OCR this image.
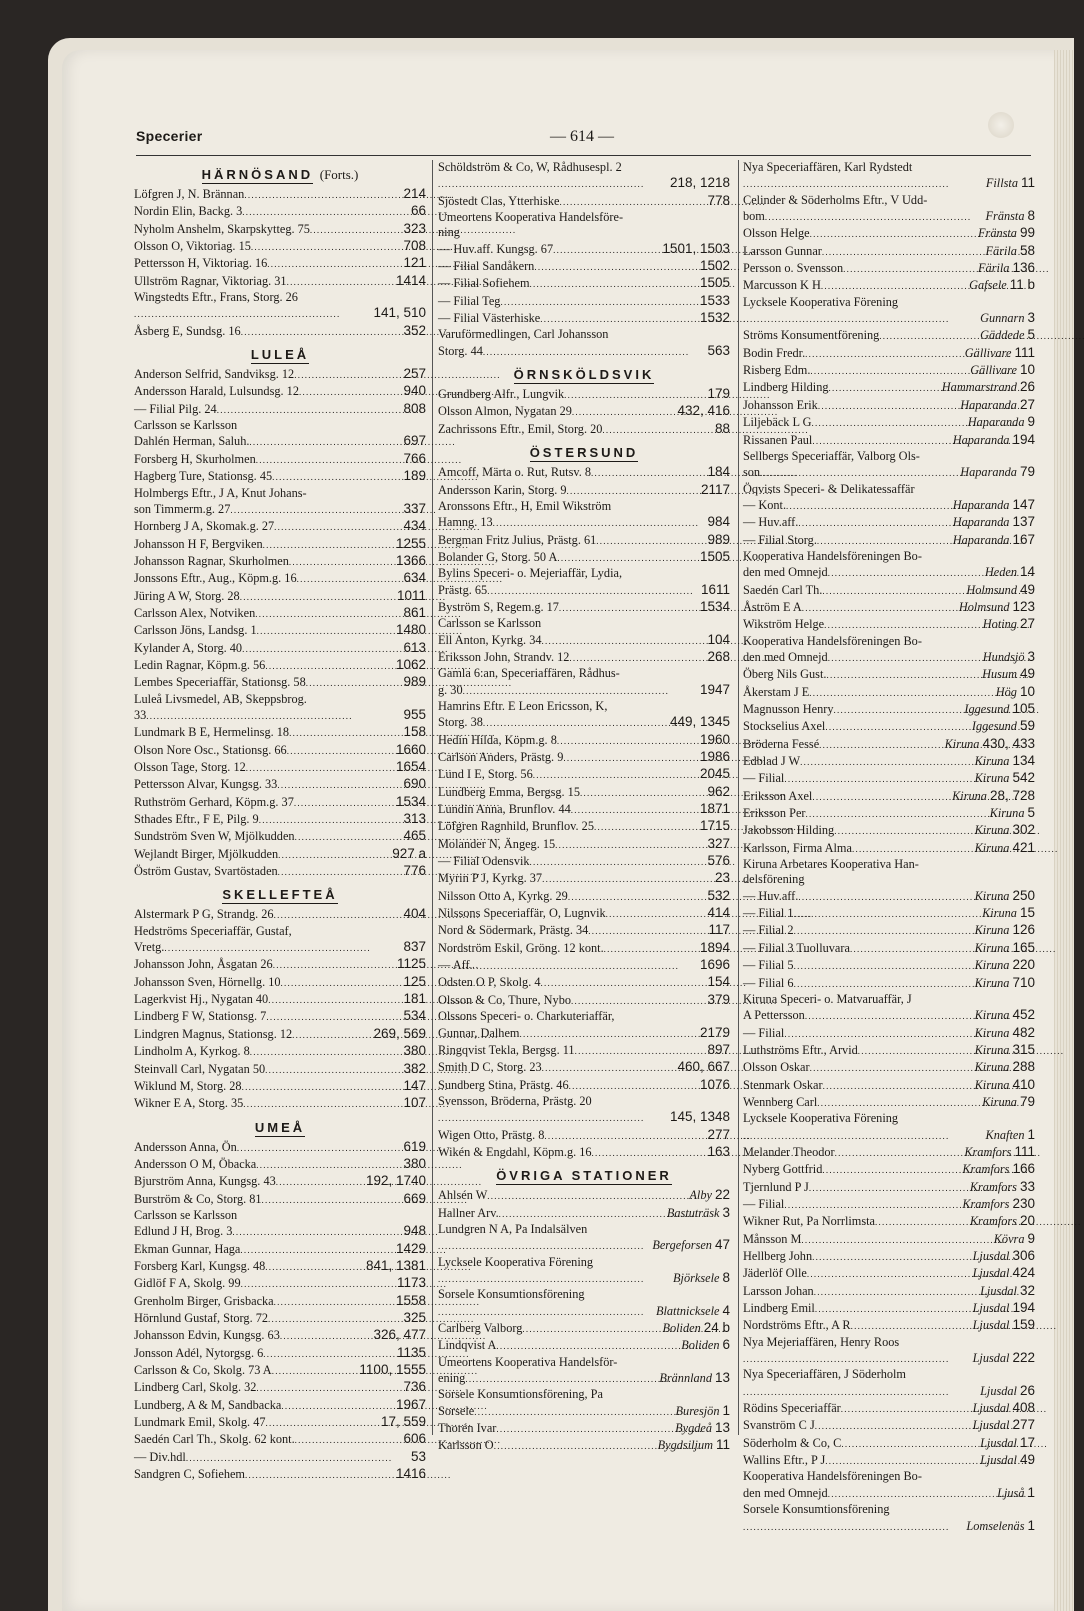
Specerier	— 614 —
HÄRNÖSAND (Forts.)
Löfgren J, N. Brännan . . .	214
Nordin Elin, Backg. 3 . . .	66
Nyholm Anshelm, Skarpskytteg. 75 . . .	323
Olsson O, Viktoriag. 15 . . .	708
Pettersson H, Viktoriag. 16 . . .	121
Ullström Ragnar, Viktoriag. 31 . . .	1414
Wingstedts Eftr., Frans, Storg. 26
. . .
141, 510
Åsberg E, Sundsg. 16 . . .	352
LULEÅ
Anderson Selfrid, Sandviksg. 12 . . .	257
Andersson Harald, Lulsundsg. 12 . . .	940
— Filial Pilg. 24 . . .	808
Carlsson se Karlsson
Dahlén Herman, Saluh. . . .	697
Forsberg H, Skurholmen . . .	766
Hagberg Ture, Stationsg. 45 . . .	189
Holmbergs Eftr., J A, Knut Johans-
son Timmerm.g. 27 . . .	337
Hornberg J A, Skomak.g. 27 . . .	434
Johansson H F, Bergviken . . .	1255
Johansson Ragnar, Skurholmen . . .	1366
Jonssons Eftr., Aug., Köpm.g. 16 . . .	634
Jüring A W, Storg. 28 . . .	1011
Carlsson Alex, Notviken . . .	861
Carlsson Jöns, Landsg. 1 . . .	1480
Kylander A, Storg. 40 . . .	613
Ledin Ragnar, Köpm.g. 56 . . .	1062
Lembes Speceriaffär, Stationsg. 58 . . .	989
Luleå Livsmedel, AB, Skeppsbrog.
33 . . .	955
Lundmark B E, Hermelinsg. 18 . . .	158
Olson Nore Osc., Stationsg. 66 . . .	1660
Olsson Tage, Storg. 12 . . .	1654
Pettersson Alvar, Kungsg. 33 . . .	690
Ruthström Gerhard, Köpm.g. 37 . . .	1534
Sthades Eftr., F E, Pilg. 9 . . .	313
Sundström Sven W, Mjölkudden . . .	465
Wejlandt Birger, Mjölkudden . . .	927 a
Öström Gustav, Svartöstaden . . .	776
SKELLEFTEÅ
Alstermark P G, Strandg. 26 . . .	404
Hedströms Speceriaffär, Gustaf,
Vretg. . . .	837
Johansson John, Åsgatan 26 . . .	1125
Johansson Sven, Hörnellg. 10 . . .	125
Lagerkvist Hj., Nygatan 40 . . .	181
Lindberg F W, Stationsg. 7 . . .	534
Lindgren Magnus, Stationsg. 12 . . .	269, 569
Lindholm A, Kyrkog. 8 . . .	380
Steinvall Carl, Nygatan 50 . . .	382
Wiklund M, Storg. 28 . . .	147
Wikner E A, Storg. 35 . . .	107
UMEÅ
Andersson Anna, Ön . . .	619
Andersson O M, Öbacka . . .	380
Bjurström Anna, Kungsg. 43 . . .	192, 1740
Burström & Co, Storg. 81 . . .	669
Carlsson se Karlsson
Edlund J H, Brog. 3 . . .	948
Ekman Gunnar, Haga . . .	1429
Forsberg Karl, Kungsg. 48 . . .	841, 1381
Gidlöf F A, Skolg. 99 . . .	1173
Grenholm Birger, Grisbacka . . .	1558
Hörnlund Gustaf, Storg. 72 . . .	325
Johansson Edvin, Kungsg. 63 . . .	326, 477
Jonsson Adél, Nytorgsg. 6 . . .	1135
Carlsson & Co, Skolg. 73 A . . .	1100, 1555
Lindberg Carl, Skolg. 32 . . .	736
Lundberg, A & M, Sandbacka . . .	1967
Lundmark Emil, Skolg. 47 . . .	17, 559
Saedén Carl Th., Skolg. 62 kont. . . .	606
— Div.hdl . . .	53
Sandgren C, Sofiehem . . .	1416
Schöldström & Co, W, Rådhusespl. 2
. . .
218, 1218
Sjöstedt Clas, Ytterhiske . . .	778
Umeortens Kooperativa Handelsföre-
ning
— Huv.aff. Kungsg. 67 . . .	1501, 1503
— Filial Sandåkern . . .	1502
— Filial Sofiehem . . .	1505
— Filial Teg . . .	1533
— Filial Västerhiske . . .	1532
Varuförmedlingen, Carl Johansson
Storg. 44 . . .	563
ÖRNSKÖLDSVIK
Grundberg Alfr., Lungvik . . .	179
Olsson Almon, Nygatan 29 . . .	432, 416
Zachrissons Eftr., Emil, Storg. 20 . . .	88
ÖSTERSUND
Amcoff, Märta o. Rut, Rutsv. 8 . . .	184
Andersson Karin, Storg. 9 . . .	2117
Aronssons Eftr., H, Emil Wikström
Hamng. 13 . . .	984
Bergman Fritz Julius, Prästg. 61 . . .	989
Bolander G, Storg. 50 A . . .	1505
Bylins Speceri- o. Mejeriaffär, Lydia,
Prästg. 65 . . .	1611
Byström S, Regem.g. 17 . . .	1534
Carlsson se Karlsson
Ell Anton, Kyrkg. 34 . . .	104
Eriksson John, Strandv. 12 . . .	268
Gamla 6:an, Speceriaffären, Rådhus-
g. 30 . . .	1947
Hamrins Eftr. E Leon Ericsson, K,
Storg. 38 . . .	449, 1345
Hedin Hilda, Köpm.g. 8 . . .	1960
Carlson Anders, Prästg. 9 . . .	1986
Lund I E, Storg. 56 . . .	2045
Lundberg Emma, Bergsg. 15 . . .	962
Lundin Anna, Brunflov. 44 . . .	1871
Löfgren Ragnhild, Brunflov. 25 . . .	1715
Molander N, Ängeg. 15 . . .	327
— Filial Odensvik . . .	576
Myrin P J, Kyrkg. 37 . . .	23
Nilsson Otto A, Kyrkg. 29 . . .	532
Nilssons Speceriaffär, O, Lugnvik . . .	414
Nord & Södermark, Prästg. 34 . . .	117
Nordström Eskil, Gröng. 12 kont. . . .	1894
— Aff. . . .	1696
Odsten O P, Skolg. 4 . . .	154
Olsson & Co, Thure, Nybo . . .	379
Olssons Speceri- o. Charkuteriaffär,
Gunnar, Dalhem . . .	2179
Ringqvist Tekla, Bergsg. 11 . . .	897
Smith D C, Storg. 23 . . .	460, 667
Sundberg Stina, Prästg. 46 . . .	1076
Svensson, Bröderna, Prästg. 20
. . .
145, 1348
Wigen Otto, Prästg. 8 . . .	277
Wikén & Engdahl, Köpm.g. 16 . . .	163
ÖVRIGA STATIONER
Ahlsén W . . .	Alby 22
Hallner Arv. . . .	Bastuträsk 3
Lundgren N A, Pa Indalsälven
. . .
Bergeforsen 47
Lycksele Kooperativa Förening
. . .
Björksele 8
Sorsele Konsumtionsförening
. . .
Blattnicksele 4
Carlberg Valborg . . .	Boliden 24 b
Lindqvist A . . .	Boliden 6
Umeortens Kooperativa Handelsför-
ening . . .	Brännland 13
Sorsele Konsumtionsförening, Pa
Sorsele . . .	Buresjön 1
Thorén Ivar . . .	Bygdeå 13
Karlsson O . . .	Bygdsiljum 11
Nya Speceriaffären, Karl Rydstedt
. . .
Fillsta 11
Celinder & Söderholms Eftr., V Udd-
bom . . .	Fränsta 8
Olsson Helge . . .	Fränsta 99
Larsson Gunnar . . .	Färila 58
Persson o. Svensson . . .	Färila 136
Marcusson K H . . .	Gafsele 11 b
Lycksele Kooperativa Förening
. . .
Gunnarn 3
Ströms Konsumentförening . . .	Gäddede 5
Bodin Fredr. . . .	Gällivare 111
Risberg Edm. . . .	Gällivare 10
Lindberg Hilding . . .	Hammarstrand 26
Johansson Erik . . .	Haparanda 27
Liljebäck L G . . .	Haparanda 9
Rissanen Paul . . .	Haparanda 194
Sellbergs Speceriaffär, Valborg Ols-
son . . .	Haparanda 79
Öqvists Speceri- & Delikatessaffär
— Kont. . . .	Haparanda 147
— Huv.aff. . . .	Haparanda 137
— Filial Storg. . . .	Haparanda 167
Kooperativa Handelsföreningen Bo-
den med Omnejd . . .	Heden 14
Saedén Carl Th. . . .	Holmsund 49
Åström E A . . .	Holmsund 123
Wikström Helge . . .	Hoting 27
Kooperativa Handelsföreningen Bo-
den med Omnejd . . .	Hundsjö 3
Öberg Nils Gust. . . .	Husum 49
Åkerstam J E . . .	Hög 10
Magnusson Henry . . .	Iggesund 105
Stockselius Axel . . .	Iggesund 59
Bröderna Fessé . . .	Kiruna 430, 433
Edblad J W . . .	Kiruna 134
— Filial . . .	Kiruna 542
Eriksson Axel . . .	Kiruna 28, 728
Eriksson Per . . .	Kiruna 5
Jakobsson Hilding . . .	Kiruna 302
Karlsson, Firma Alma . . .	Kiruna 421
Kiruna Arbetares Kooperativa Han-
delsförening
— Huv.aff. . . .	Kiruna 250
— Filial 1 . . .	Kiruna 15
— Filial 2 . . .	Kiruna 126
— Filial 3 Tuolluvara . . .	Kiruna 165
— Filial 5 . . .	Kiruna 220
— Filial 6 . . .	Kiruna 710
Kiruna Speceri- o. Matvaruaffär, J
A Pettersson . . .	Kiruna 452
— Filial . . .	Kiruna 482
Luthströms Eftr., Arvid . . .	Kiruna 315
Olsson Oskar . . .	Kiruna 288
Stenmark Oskar . . .	Kiruna 410
Wennberg Carl . . .	Kiruna 79
Lycksele Kooperativa Förening
. . .
Knaften 1
Melander Theodor . . .	Kramfors 111
Nyberg Gottfrid . . .	Kramfors 166
Tjernlund P J . . .	Kramfors 33
— Filial . . .	Kramfors 230
Wikner Rut, Pa Norrlimsta . . .	Kramfors 20
Månsson M . . .	Kövra 9
Hellberg John . . .	Ljusdal 306
Jäderlöf Olle . . .	Ljusdal 424
Larsson Johan . . .	Ljusdal 32
Lindberg Emil . . .	Ljusdal 194
Nordströms Eftr., A R . . .	Ljusdal 159
Nya Mejeriaffären, Henry Roos
. . .
Ljusdal 222
Nya Speceriaffären, J Söderholm
. . .
Ljusdal 26
Rödins Speceriaffär . . .	Ljusdal 408
Svanström C J . . .	Ljusdal 277
Söderholm & Co, C . . .	Ljusdal 17
Wallins Eftr., P J . . .	Ljusdal 49
Kooperativa Handelsföreningen Bo-
den med Omnejd . . .	Ljuså 1
Sorsele Konsumtionsförening
. . .
Lomselenäs 1
